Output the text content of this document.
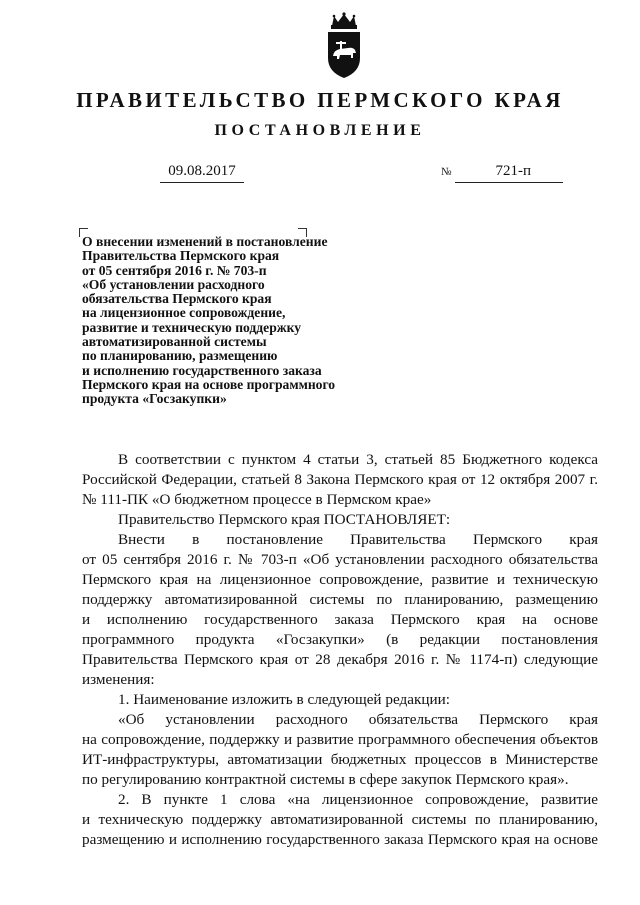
ПРАВИТЕЛЬСТВО ПЕРМСКОГО КРАЯ
ПОСТАНОВЛЕНИЕ
09.08.2017	№	721-п
О внесении изменений в постановление
Правительства Пермского края
от 05 сентября 2016 г. № 703-п
«Об установлении расходного
обязательства Пермского края
на лицензионное сопровождение,
развитие и техническую поддержку
автоматизированной системы
по планированию, размещению
и исполнению государственного заказа
Пермского края на основе программного
продукта «Госзакупки»
В соответствии с пунктом 4 статьи 3, статьей 85 Бюджетного кодекса
Российской Федерации, статьей 8 Закона Пермского края от 12 октября 2007 г.
№ 111-ПК «О бюджетном процессе в Пермском крае»
Правительство Пермского края ПОСТАНОВЛЯЕТ:
Внести в постановление Правительства Пермского края
от 05 сентября 2016 г. № 703-п «Об установлении расходного обязательства
Пермского края на лицензионное сопровождение, развитие и техническую
поддержку автоматизированной системы по планированию, размещению
и исполнению государственного заказа Пермского края на основе
программного продукта «Госзакупки» (в редакции постановления
Правительства Пермского края от 28 декабря 2016 г. № 1174-п) следующие
изменения:
1. Наименование изложить в следующей редакции:
«Об установлении расходного обязательства Пермского края
на сопровождение, поддержку и развитие программного обеспечения объектов
ИТ-инфраструктуры, автоматизации бюджетных процессов в Министерстве
по регулированию контрактной системы в сфере закупок Пермского края».
2. В пункте 1 слова «на лицензионное сопровождение, развитие
и техническую поддержку автоматизированной системы по планированию,
размещению и исполнению государственного заказа Пермского края на основе
